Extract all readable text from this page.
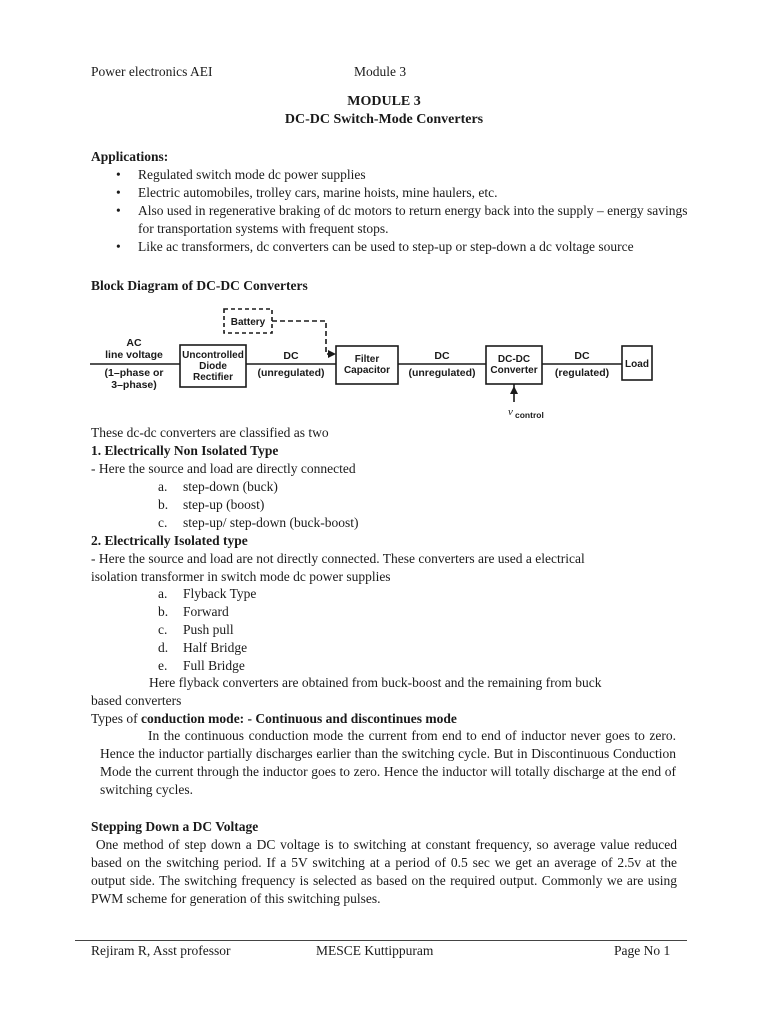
Power electronics AEI	Module 3
MODULE 3
DC-DC Switch-Mode Converters
Applications:
• Regulated switch mode dc power supplies
• Electric automobiles, trolley cars, marine hoists, mine haulers, etc.
• Also used in regenerative braking of dc motors to return energy back into the supply – energy savings for transportation systems with frequent stops.
• Like ac transformers, dc converters can be used to step-up or step-down a dc voltage source
Block Diagram of DC-DC Converters
AC
line voltage
(1–phase or
3–phase)
Uncontrolled
Diode
Rectifier
Battery
DC
(unregulated)
Filter
Capacitor
DC
(unregulated)
DC-DC
Converter
DC
(regulated)
Load
v control
These dc-dc converters are classified as two
1. Electrically Non Isolated Type
- Here the source and load are directly connected
a. step-down (buck)
b. step-up (boost)
c. step-up/ step-down (buck-boost)
2. Electrically Isolated type
- Here the source and load are not directly connected. These converters are used a electrical
isolation transformer in switch mode dc power supplies
a. Flyback Type
b. Forward
c. Push pull
d. Half Bridge
e. Full Bridge
Here flyback converters are obtained from buck-boost and the remaining from buck
based converters
Types of conduction mode: - Continuous and discontinues mode
In the continuous conduction mode the current from end to end of inductor never goes to zero. Hence the inductor partially discharges earlier than the switching cycle. But in Discontinuous Conduction Mode the current through the inductor goes to zero. Hence the inductor will totally discharge at the end of switching cycles.
Stepping Down a DC Voltage
One method of step down a DC voltage is to switching at constant frequency, so average value reduced based on the switching period. If a 5V switching at a period of 0.5 sec we get an average of 2.5v at the output side. The switching frequency is selected as based on the required output. Commonly we are using PWM scheme for generation of this switching pulses.
Rejiram R, Asst professor	MESCE Kuttippuram	Page No 1
